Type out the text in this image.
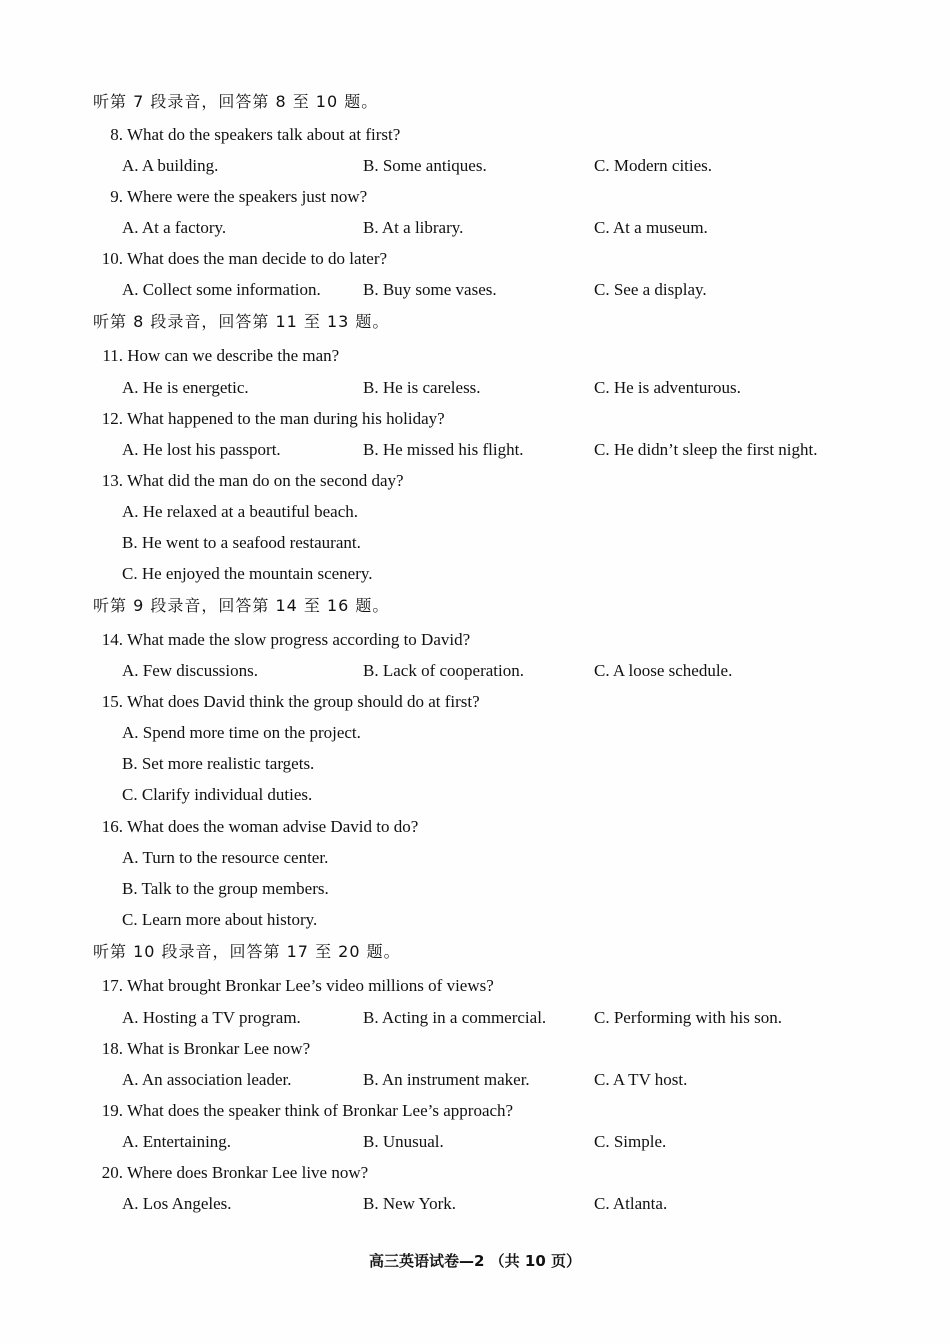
听第 7 段录音，回答第 8 至 10 题。
8. What do the speakers talk about at first?
A. A building.	B. Some antiques.	C. Modern cities.
9. Where were the speakers just now?
A. At a factory.	B. At a library.	C. At a museum.
10. What does the man decide to do later?
A. Collect some information. B. Buy some vases.	C. See a display.
听第 8 段录音，回答第 11 至 13 题。
11. How can we describe the man?
A. He is energetic.	B. He is careless.	C. He is adventurous.
12. What happened to the man during his holiday?
A. He lost his passport.	B. He missed his flight.	C. He didn’t sleep the first night.
13. What did the man do on the second day?
A. He relaxed at a beautiful beach.
B. He went to a seafood restaurant.
C. He enjoyed the mountain scenery.
听第 9 段录音，回答第 14 至 16 题。
14. What made the slow progress according to David?
A. Few discussions.	B. Lack of cooperation.	C. A loose schedule.
15. What does David think the group should do at first?
A. Spend more time on the project.
B. Set more realistic targets.
C. Clarify individual duties.
16. What does the woman advise David to do?
A. Turn to the resource center.
B. Talk to the group members.
C. Learn more about history.
听第 10 段录音，回答第 17 至 20 题。
17. What brought Bronkar Lee’s video millions of views?
A. Hosting a TV program.	B. Acting in a commercial.	C. Performing with his son.
18. What is Bronkar Lee now?
A. An association leader.	B. An instrument maker.	C. A TV host.
19. What does the speaker think of Bronkar Lee’s approach?
A. Entertaining.	B. Unusual.	C. Simple.
20. Where does Bronkar Lee live now?
A. Los Angeles.	B. New York.	C. Atlanta.
高三英语试卷—2 （共 10 页）
